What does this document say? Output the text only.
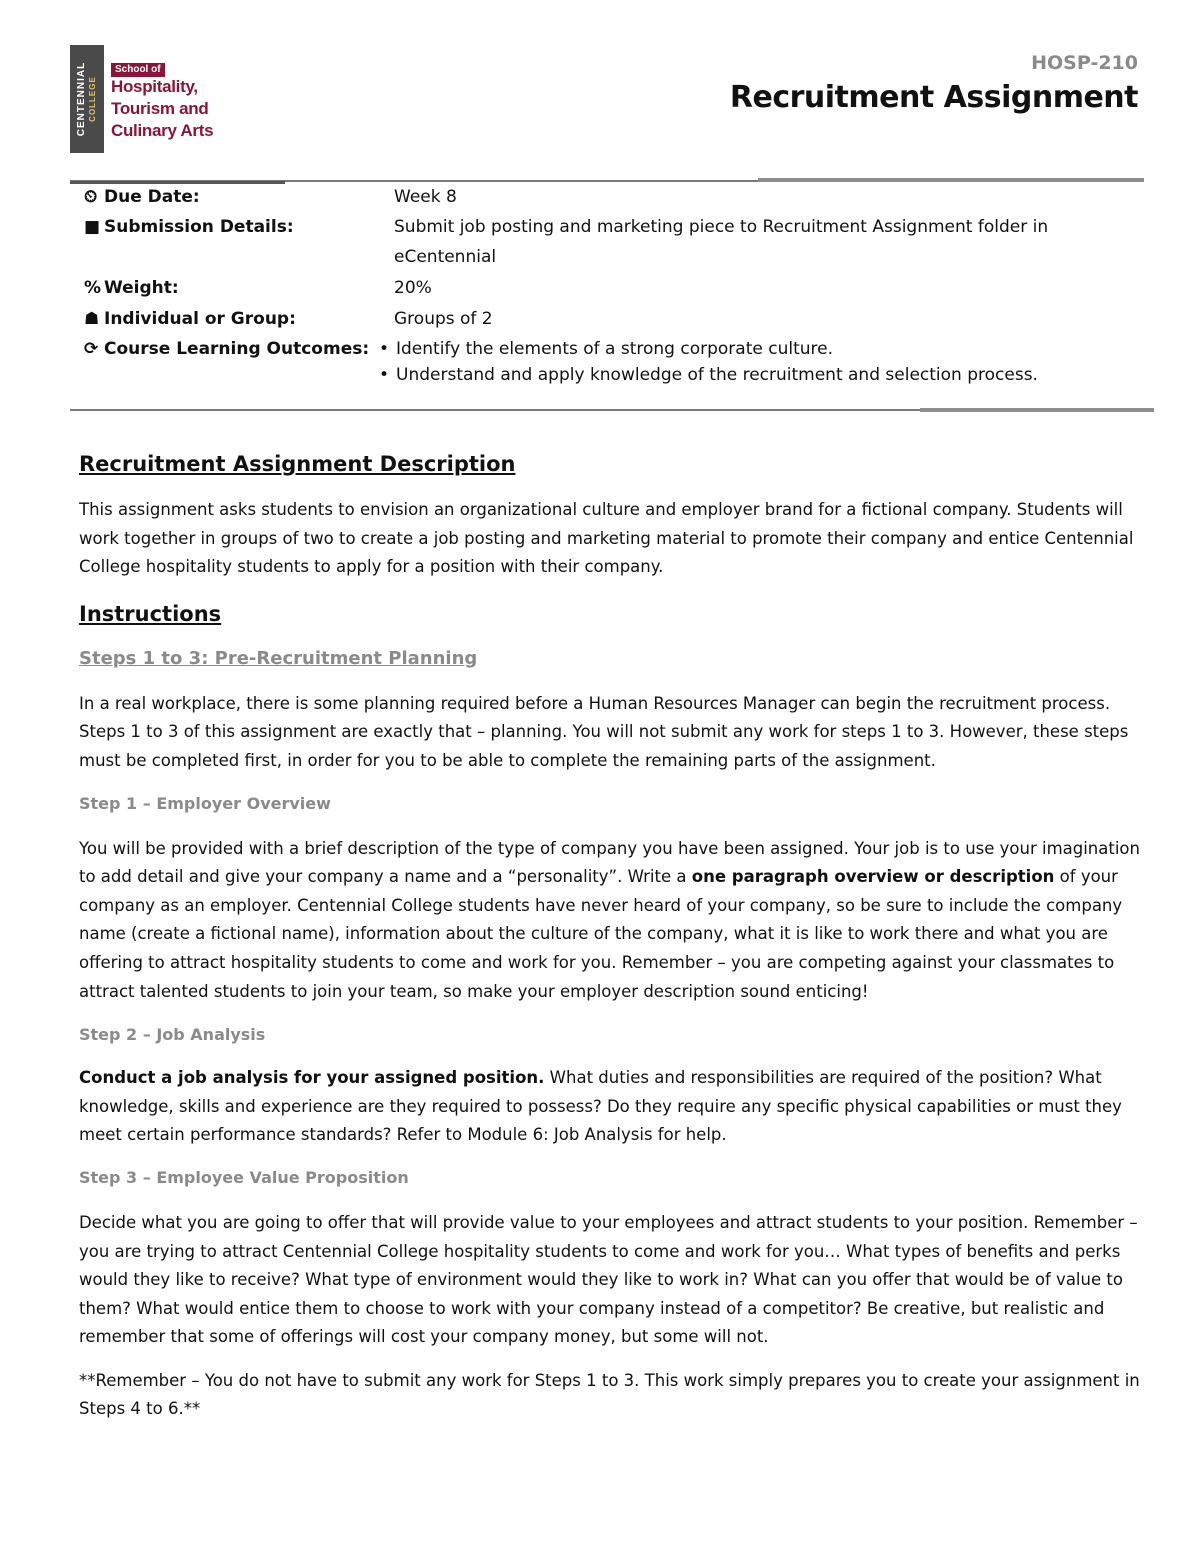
CENTENNIAL COLLEGE
School of
Hospitality,
Tourism and
Culinary Arts
HOSP-210
Recruitment Assignment
⏲ Due Date:	Week 8
■ Submission Details:	Submit job posting and marketing piece to Recruitment Assignment folder in
eCentennial
% Weight:	20%
☗ Individual or Group:	Groups of 2
⟳ Course Learning Outcomes: • Identify the elements of a strong corporate culture.
• Understand and apply knowledge of the recruitment and selection process.
Recruitment Assignment Description

This assignment asks students to envision an organizational culture and employer brand for a fictional company. Students will work together in groups of two to create a job posting and marketing material to promote their company and entice Centennial College hospitality students to apply for a position with their company.

Instructions
Steps 1 to 3: Pre-Recruitment Planning

In a real workplace, there is some planning required before a Human Resources Manager can begin the recruitment process. Steps 1 to 3 of this assignment are exactly that – planning. You will not submit any work for steps 1 to 3. However, these steps must be completed first, in order for you to be able to complete the remaining parts of the assignment.

Step 1 – Employer Overview

You will be provided with a brief description of the type of company you have been assigned. Your job is to use your imagination to add detail and give your company a name and a “personality”. Write a one paragraph overview or description of your company as an employer. Centennial College students have never heard of your company, so be sure to include the company name (create a fictional name), information about the culture of the company, what it is like to work there and what you are offering to attract hospitality students to come and work for you. Remember – you are competing against your classmates to attract talented students to join your team, so make your employer description sound enticing!

Step 2 – Job Analysis

Conduct a job analysis for your assigned position. What duties and responsibilities are required of the position? What knowledge, skills and experience are they required to possess? Do they require any specific physical capabilities or must they meet certain performance standards? Refer to Module 6: Job Analysis for help.

Step 3 – Employee Value Proposition

Decide what you are going to offer that will provide value to your employees and attract students to your position. Remember – you are trying to attract Centennial College hospitality students to come and work for you… What types of benefits and perks would they like to receive? What type of environment would they like to work in? What can you offer that would be of value to them? What would entice them to choose to work with your company instead of a competitor? Be creative, but realistic and remember that some of offerings will cost your company money, but some will not.

**Remember – You do not have to submit any work for Steps 1 to 3. This work simply prepares you to create your assignment in Steps 4 to 6.**
